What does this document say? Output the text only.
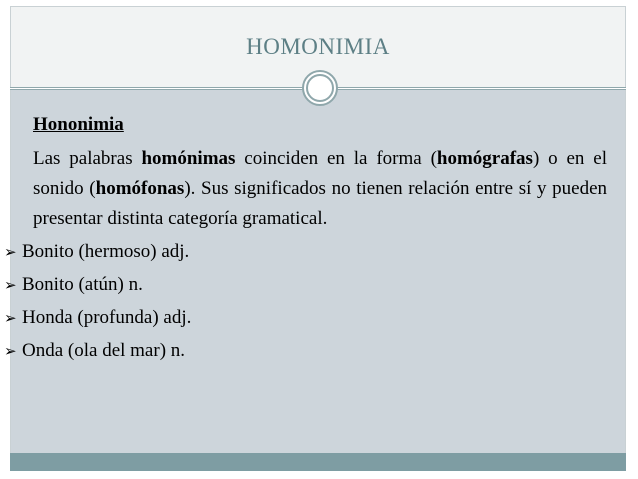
HOMONIMIA
Hononimia
Las palabras homónimas coinciden en la forma (homógrafas) o en el sonido (homófonas). Sus significados no tienen relación entre sí y pueden presentar distinta categoría gramatical.
➢ Bonito (hermoso) adj.
➢ Bonito (atún) n.
➢ Honda (profunda) adj.
➢ Onda (ola del mar) n.
